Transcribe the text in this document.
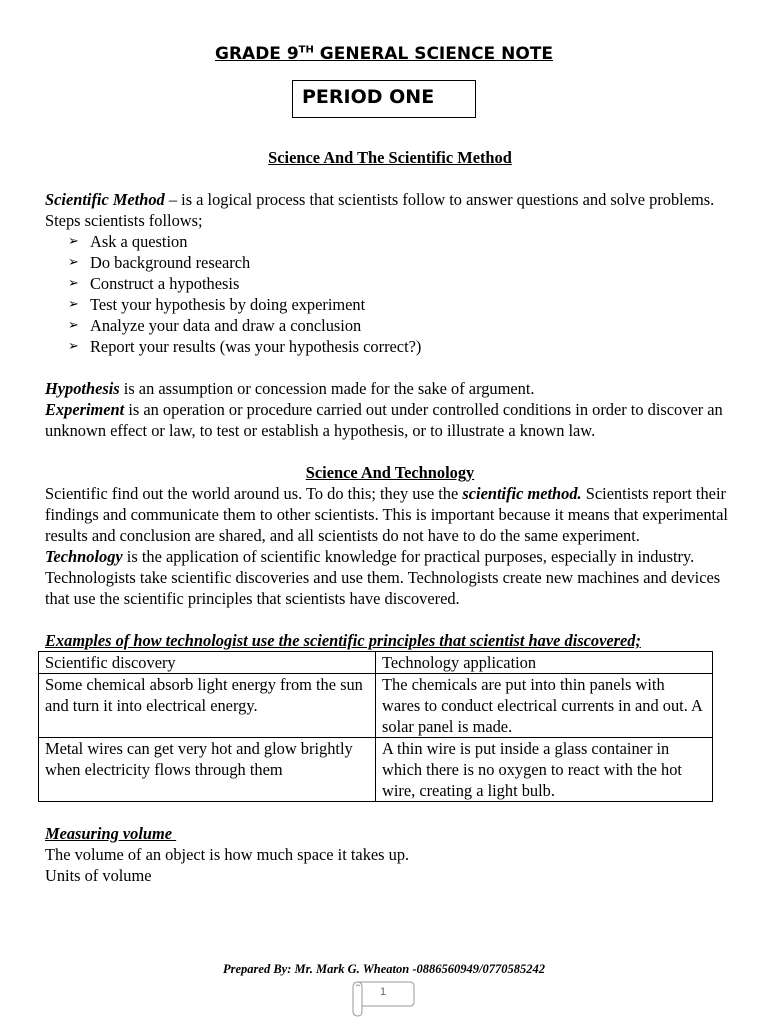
GRADE 9TH GENERAL SCIENCE NOTE
PERIOD ONE

Science And The Scientific Method

Scientific Method – is a logical process that scientists follow to answer questions and solve problems.

Steps scientists follows;

➢ Ask a question
➢ Do background research
➢ Construct a hypothesis
➢ Test your hypothesis by doing experiment
➢ Analyze your data and draw a conclusion
➢ Report your results (was your hypothesis correct?)

Hypothesis is an assumption or concession made for the sake of argument.

Experiment is an operation or procedure carried out under controlled conditions in order to discover an unknown effect or law, to test or establish a hypothesis, or to illustrate a known law.

Science And Technology

Scientific find out the world around us. To do this; they use the scientific method. Scientists report their findings and communicate them to other scientists. This is important because it means that experimental results and conclusion are shared, and all scientists do not have to do the same experiment.

Technology is the application of scientific knowledge for practical purposes, especially in industry. Technologists take scientific discoveries and use them. Technologists create new machines and devices that use the scientific principles that scientists have discovered.

Examples of how technologist use the scientific principles that scientist have discovered;

Scientific discovery	Technology application
Some chemical absorb light energy from the sun and turn it into electrical energy.	The chemicals are put into thin panels with wares to conduct electrical currents in and out. A solar panel is made.
Metal wires can get very hot and glow brightly when electricity flows through them	A thin wire is put inside a glass container in which there is no oxygen to react with the hot wire, creating a light bulb.

Measuring volume

The volume of an object is how much space it takes up.

Units of volume

Prepared By: Mr. Mark G. Wheaton -0886560949/0770585242
1
